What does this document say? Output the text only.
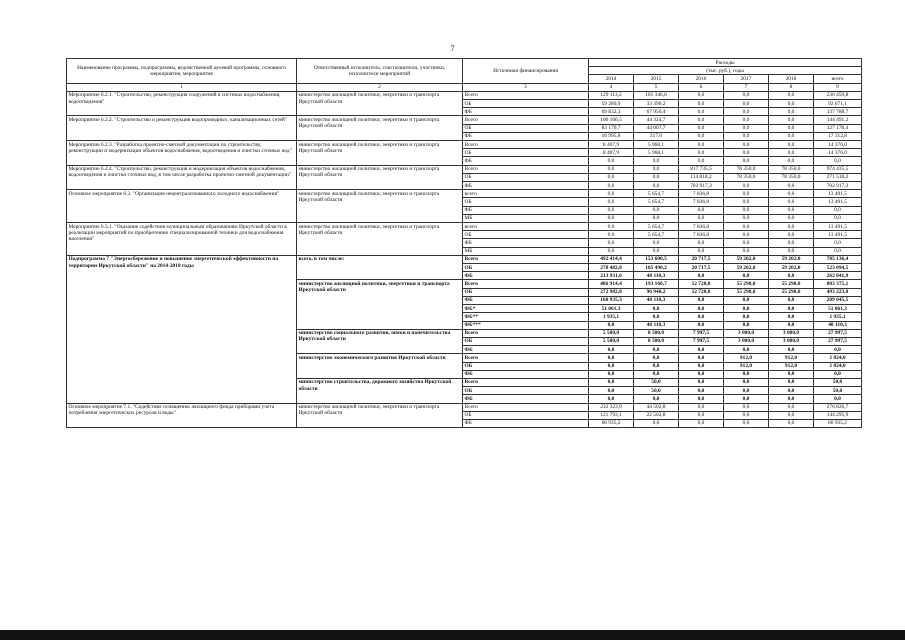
7
Наименование программы, подпрограммы, ведомственной целевой программы, основного мероприятия, мероприятия	Ответственный исполнитель, соисполнители, участники, исполнители мероприятий	Источники финансирования	Расходы					
			(тыс. руб.), годы					
			2014	2015	2016	2017	2018	всего
1	2	3	4	5	6	7	8	9
Мероприятие 6.2.1. "Строительство, реконструкция сооружений в системах водоснабжения, водоотведения"	министерство жилищной политики, энергетики и транспорта Иркутской области	Всего	129 113,2	101 346,6	0,0	0,0	0,0	230 459,8
		ОБ	59 280,9	33 390,2	0,0	0,0	0,0	92 671,1
		ФБ	69 832,3	67 956,4	0,0	0,0	0,0	137 788,7
Мероприятие 6.2.2. "Строительство и реконструкция водопроводных, канализационных сетей"	министерство жилищной политики, энергетики и транспорта Иркутской области	Всего	100 166,5	44 324,7	0,0	0,0	0,0	144 491,2
		ОБ	83 170,7	44 007,7	0,0	0,0	0,0	127 178,4
		ФБ	16 995,8	317,0	0,0	0,0	0,0	17 312,8
Мероприятие 6.2.3. "Разработка проектно-сметной документации по строительству, реконструкции и модернизации объектов водоснабжения, водоотведения и очистки сточных вод"	министерство жилищной политики, энергетики и транспорта Иркутской области	Всего	8 407,9	5 968,1	0,0	0,0	0,0	14 376,0
		ОБ	8 407,9	5 968,1	0,0	0,0	0,0	14 376,0
		ФБ	0,0	0,0	0,0	0,0	0,0	0,0
Мероприятие 6.2.4. "Строительство, реконструкция и модернизация объектов водоснабжения, водоотведения и очистки сточных вод, в том числе разработка проектно-сметной документации"	министерство жилищной политики, энергетики и транспорта Иркутской области	Всего	0,0	0,0	817 735,5	78 350,0	78 350,0	974 435,5
		ОБ	0,0	0,0	114 818,2	78 350,0	78 350,0	271 518,2
		ФБ	0,0	0,0	702 917,3	0,0	0,0	702 917,3
Основное мероприятие 6.3. "Организация нецентрализованного холодного водоснабжения"	министерство жилищной политики, энергетики и транспорта Иркутской области	всего	0,0	5 654,7	7 836,8	0,0	0,0	13 491,5
		ОБ	0,0	5 654,7	7 836,8	0,0	0,0	13 491,5
		ФБ	0,0	0,0	0,0	0,0	0,0	0,0
		МБ	0,0	0,0	0,0	0,0	0,0	0,0
Мероприятие 6.3.1. "Оказание содействия муниципальным образованиям Иркутской области в реализации мероприятий по приобретению специализированной техники для водоснабжения населения"	министерство жилищной политики, энергетики и транспорта Иркутской области	всего	0,0	5 654,7	7 836,8	0,0	0,0	13 491,5
		ОБ	0,0	5 654,7	7 836,8	0,0	0,0	13 491,5
		ФБ	0,0	0,0	0,0	0,0	0,0	0,0
		МБ	0,0	0,0	0,0	0,0	0,0	0,0
Подпрограмма 7 "Энергосбережение и повышение энергетической эффективности на территории Иркутской области" на 2014-2018 годы	всего, в том числе:	Всего	492 414,4	153 600,5	20 717,5	59 202,0	59 202,0	785 136,4
		ОБ	278 482,8	105 490,2	20 717,5	59 202,0	59 202,0	523 094,5
		ФБ	213 931,6	48 110,3	0,0	0,0	0,0	262 041,9
	министерство жилищной политики, энергетики и транспорта Иркутской области	Всего	486 914,4	193 160,7	12 720,0	55 290,0	55 290,0	803 375,1
		ОБ	272 982,8	96 940,2	12 720,0	55 290,0	55 290,0	493 223,0
		ФБ	160 935,3	48 110,3	0,0	0,0	0,0	209 045,5
		ФБ*	51 061,3	0,0	0,0	0,0	0,0	51 061,3
		ФБ**	1 935,1	0,0	0,0	0,0	0,0	1 935,1
		ФБ***	0,0	48 110,3	0,0	0,0	0,0	48 110,3
	министерство социального развития, опеки и попечительства Иркутской области	Всего	5 500,0	8 500,0	7 997,5	3 000,0	3 000,0	27 997,5
		ОБ	5 500,0	8 500,0	7 997,5	3 000,0	3 000,0	27 997,5
		ФБ	0,0	0,0	0,0	0,0	0,0	0,0
	министерство экономического развития Иркутской области	Всего	0,0	0,0	0,0	912,0	912,0	1 824,0
		ОБ	0,0	0,0	0,0	912,0	912,0	1 824,0
		ФБ	0,0	0,0	0,0	0,0	0,0	0,0
	министерство строительства, дорожного хозяйства Иркутской области	Всего	0,0	50,0	0,0	0,0	0,0	50,0
		ОБ	0,0	50,0	0,0	0,0	0,0	50,0
		ФБ	0,0	0,0	0,0	0,0	0,0	0,0
Основное мероприятие 7.1. "Содействие оснащению жилищного фонда приборами учета потребления энергетических ресурсов и воды"	министерство жилищной политики, энергетики и транспорта Иркутской области	Всего	232 323,9	44 502,8	0,0	0,0	0,0	276 826,7
		ОБ	121 793,1	22 502,8	0,0	0,0	0,0	144 295,9
		ФБ	66 935,2	0,0	0,0	0,0	0,0	66 935,2
